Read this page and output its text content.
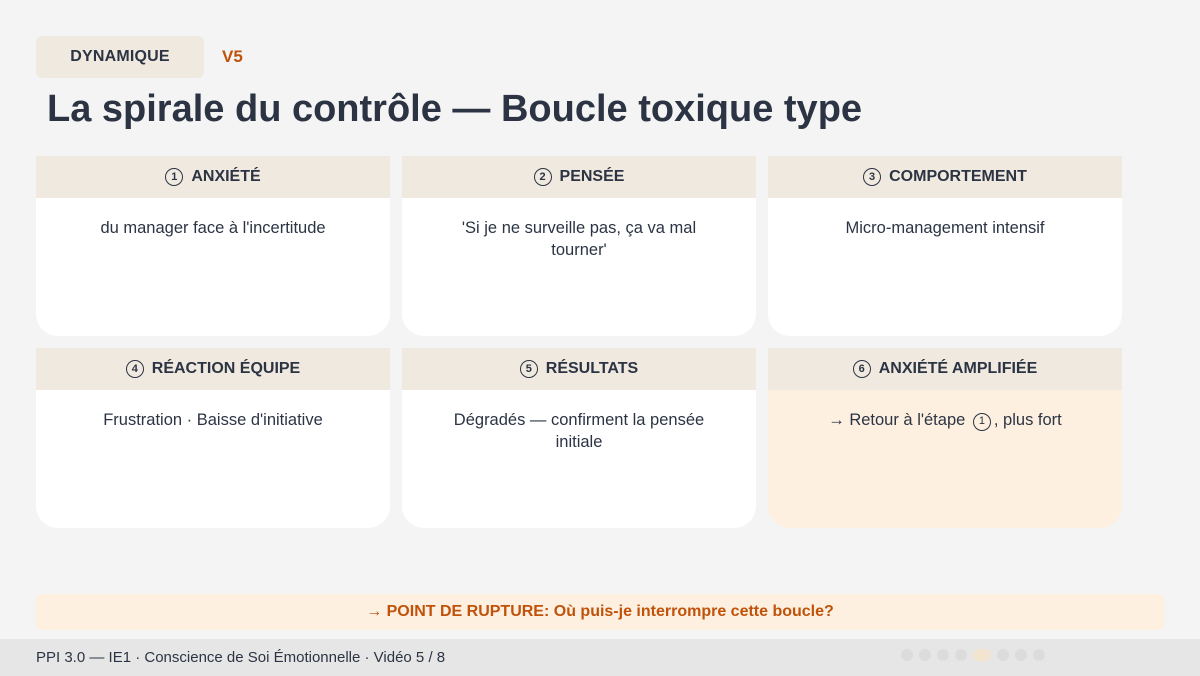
DYNAMIQUE	V5
La spirale du contrôle — Boucle toxique type
1 ANXIÉTÉ
du manager face à l'incertitude
2 PENSÉE
'Si je ne surveille pas, ça va mal tourner'
3 COMPORTEMENT
Micro-management intensif
4 RÉACTION ÉQUIPE
Frustration · Baisse d'initiative
5 RÉSULTATS
Dégradés — confirment la pensée initiale
6 ANXIÉTÉ AMPLIFIÉE
→ Retour à l'étape 1 , plus fort
→ POINT DE RUPTURE: Où puis-je interrompre cette boucle?
PPI 3.0 — IE1 · Conscience de Soi Émotionnelle · Vidéo 5 / 8
